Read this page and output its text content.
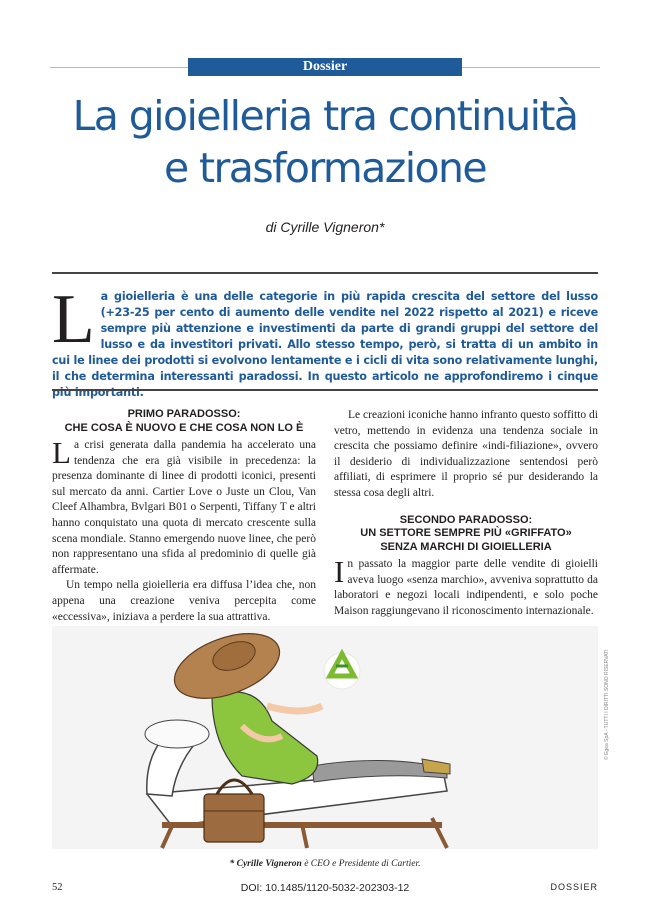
Dossier
La gioielleria tra continuità
e trasformazione
di Cyrille Vigneron*
L a gioielleria è una delle categorie in più rapida crescita del settore del lusso (+23-25 per cento di aumento delle vendite nel 2022 rispetto al 2021) e riceve sempre più attenzione e investimenti da parte di grandi gruppi del settore del lusso e da investitori privati. Allo stesso tempo, però, si tratta di un ambito in cui le linee dei prodotti si evolvono lentamente e i cicli di vita sono relativamente lunghi, il che determina interessanti paradossi. In questo articolo ne approfondiremo i cinque più importanti.
PRIMO PARADOSSO:
CHE COSA È NUOVO E CHE COSA NON LO È

La crisi generata dalla pandemia ha accelerato una tendenza che era già visibile in precedenza: la presenza dominante di linee di prodotti iconici, presenti sul mercato da anni. Cartier Love o Juste un Clou, Van Cleef Alhambra, Bvlgari B01 o Serpenti, Tiffany T e altri hanno conquistato una quota di mercato crescente sulla scena mondiale. Stanno emergendo nuove linee, che però non rappresentano una sfida al predominio di quelle già affermate.

Un tempo nella gioielleria era diffusa l’idea che, non appena una creazione veniva percepita come «eccessiva», iniziava a perdere la sua attrattiva.

Le creazioni iconiche hanno infranto questo soffitto di vetro, mettendo in evidenza una tendenza sociale in crescita che possiamo definire «indi-filiazione», ovvero il desiderio di individualizzazione sentendosi però affiliati, di esprimere il proprio sé pur desiderando la stessa cosa degli altri.

SECONDO PARADOSSO:
UN SETTORE SEMPRE PIÙ «GRIFFATO»
SENZA MARCHI DI GIOIELLERIA

In passato la maggior parte delle vendite di gioielli aveva luogo «senza marchio», avveniva soprattutto da laboratori e negozi locali indipendenti, e solo poche Maison raggiungevano il riconoscimento internazionale.

© Egea SpA - TUTTI I DIRITTI SONO RISERVATI
* Cyrille Vigneron è CEO e Presidente di Cartier.
52	DOI: 10.1485/1120-5032-202303-12	DOSSIER
